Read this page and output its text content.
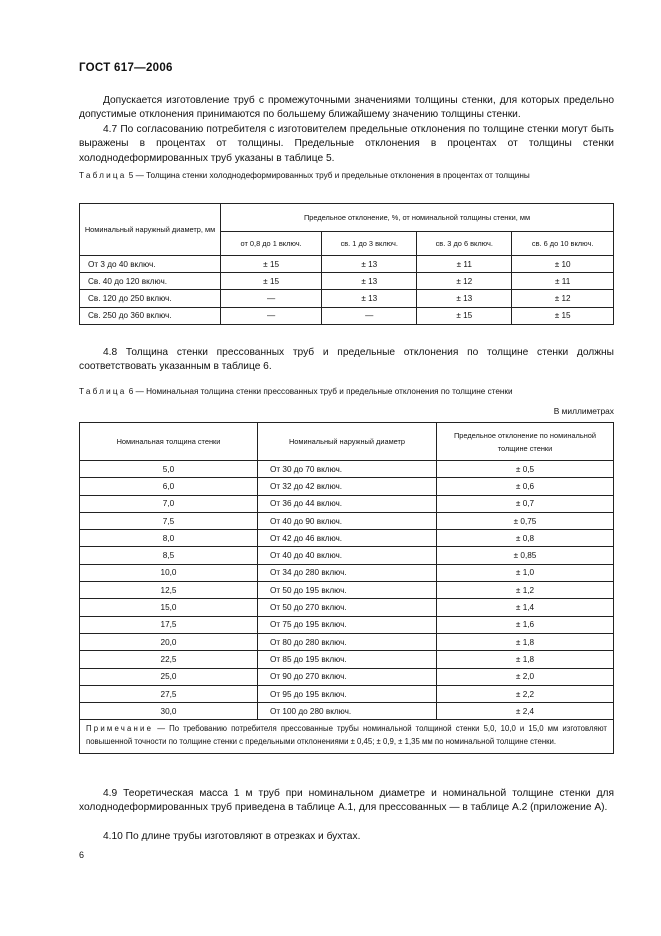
ГОСТ 617—2006
Допускается изготовление труб с промежуточными значениями толщины стенки, для которых предельно допустимые отклонения принимаются по большему ближайшему значению толщины стенки.
4.7 По согласованию потребителя с изготовителем предельные отклонения по толщине стенки могут быть выражены в процентах от толщины. Предельные отклонения в процентах от толщины стенки холоднодеформированных труб указаны в таблице 5.
Таблица 5 — Толщина стенки холоднодеформированных труб и предельные отклонения в процентах от толщины
Номинальный наружный диаметр, мм	Предельное отклонение, %, от номинальной толщины стенки, мм			
	от 0,8 до 1 включ.	св. 1 до 3 включ.	св. 3 до 6 включ.	св. 6 до 10 включ.
От 3 до 40 включ.	± 15	± 13	± 11	± 10
Св. 40 до 120 включ.	± 15	± 13	± 12	± 11
Св. 120 до 250 включ.	—	± 13	± 13	± 12
Св. 250 до 360 включ.	—	—	± 15	± 15
4.8 Толщина стенки прессованных труб и предельные отклонения по толщине стенки должны соответствовать указанным в таблице 6.
Таблица 6 — Номинальная толщина стенки прессованных труб и предельные отклонения по толщине стенки
В миллиметрах
Номинальная толщина стенки	Номинальный наружный диаметр	Предельное отклонение по номинальной толщине стенки
5,0	От 30 до 70 включ.	± 0,5
6,0	От 32 до 42 включ.	± 0,6
7,0	От 36 до 44 включ.	± 0,7
7,5	От 40 до 90 включ.	± 0,75
8,0	От 42 до 46 включ.	± 0,8
8,5	От 40 до 40 включ.	± 0,85
10,0	От 34 до 280 включ.	± 1,0
12,5	От 50 до 195 включ.	± 1,2
15,0	От 50 до 270 включ.	± 1,4
17,5	От 75 до 195 включ.	± 1,6
20,0	От 80 до 280 включ.	± 1,8
22,5	От 85 до 195 включ.	± 1,8
25,0	От 90 до 270 включ.	± 2,0
27,5	От 95 до 195 включ.	± 2,2
30,0	От 100 до 280 включ.	± 2,4
Примечание — По требованию потребителя прессованные трубы номинальной толщиной стенки 5,0, 10,0 и 15,0 мм изготовляют повышенной точности по толщине стенки с предельными отклонениями ± 0,45; ± 0,9, ± 1,35 мм по номинальной толщине стенки.		
4.9 Теоретическая масса 1 м труб при номинальном диаметре и номинальной толщине стенки для холоднодеформированных труб приведена в таблице А.1, для прессованных — в таблице А.2 (приложение А).
4.10 По длине трубы изготовляют в отрезках и бухтах.
6
